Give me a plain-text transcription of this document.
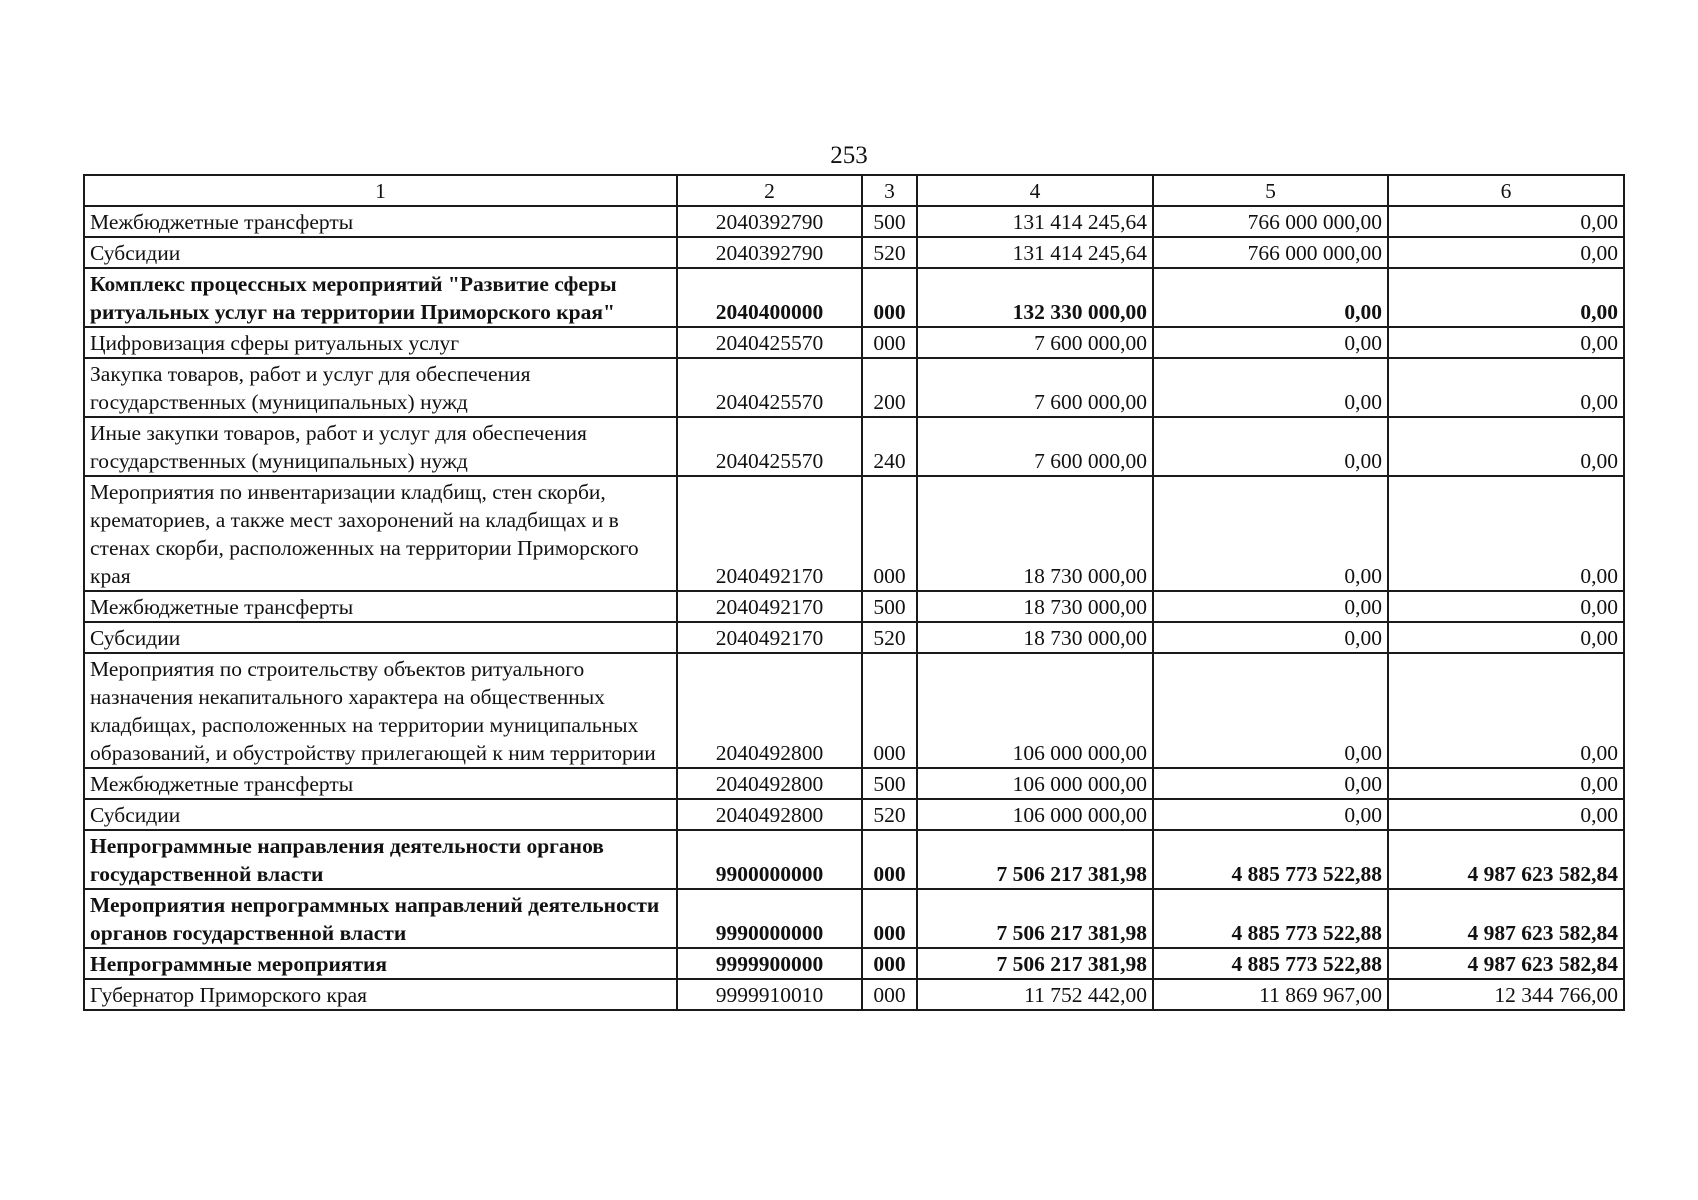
253
1	2	3	4	5	6
Межбюджетные трансферты	2040392790	500	131 414 245,64	766 000 000,00	0,00
Субсидии	2040392790	520	131 414 245,64	766 000 000,00	0,00
Комплекс процессных мероприятий "Развитие сферы ритуальных услуг на территории Приморского края"	2040400000	000	132 330 000,00	0,00	0,00
Цифровизация сферы ритуальных услуг	2040425570	000	7 600 000,00	0,00	0,00
Закупка товаров, работ и услуг для обеспечения государственных (муниципальных) нужд	2040425570	200	7 600 000,00	0,00	0,00
Иные закупки товаров, работ и услуг для обеспечения государственных (муниципальных) нужд	2040425570	240	7 600 000,00	0,00	0,00
Мероприятия по инвентаризации кладбищ, стен скорби, крематориев, а также мест захоронений на кладбищах и в стенах скорби, расположенных на территории Приморского края	2040492170	000	18 730 000,00	0,00	0,00
Межбюджетные трансферты	2040492170	500	18 730 000,00	0,00	0,00
Субсидии	2040492170	520	18 730 000,00	0,00	0,00
Мероприятия по строительству объектов ритуального назначения некапитального характера на общественных кладбищах, расположенных на территории муниципальных образований, и обустройству прилегающей к ним территории	2040492800	000	106 000 000,00	0,00	0,00
Межбюджетные трансферты	2040492800	500	106 000 000,00	0,00	0,00
Субсидии	2040492800	520	106 000 000,00	0,00	0,00
Непрограммные направления деятельности органов государственной власти	9900000000	000	7 506 217 381,98	4 885 773 522,88	4 987 623 582,84
Мероприятия непрограммных направлений деятельности органов государственной власти	9990000000	000	7 506 217 381,98	4 885 773 522,88	4 987 623 582,84
Непрограммные мероприятия	9999900000	000	7 506 217 381,98	4 885 773 522,88	4 987 623 582,84
Губернатор Приморского края	9999910010	000	11 752 442,00	11 869 967,00	12 344 766,00
